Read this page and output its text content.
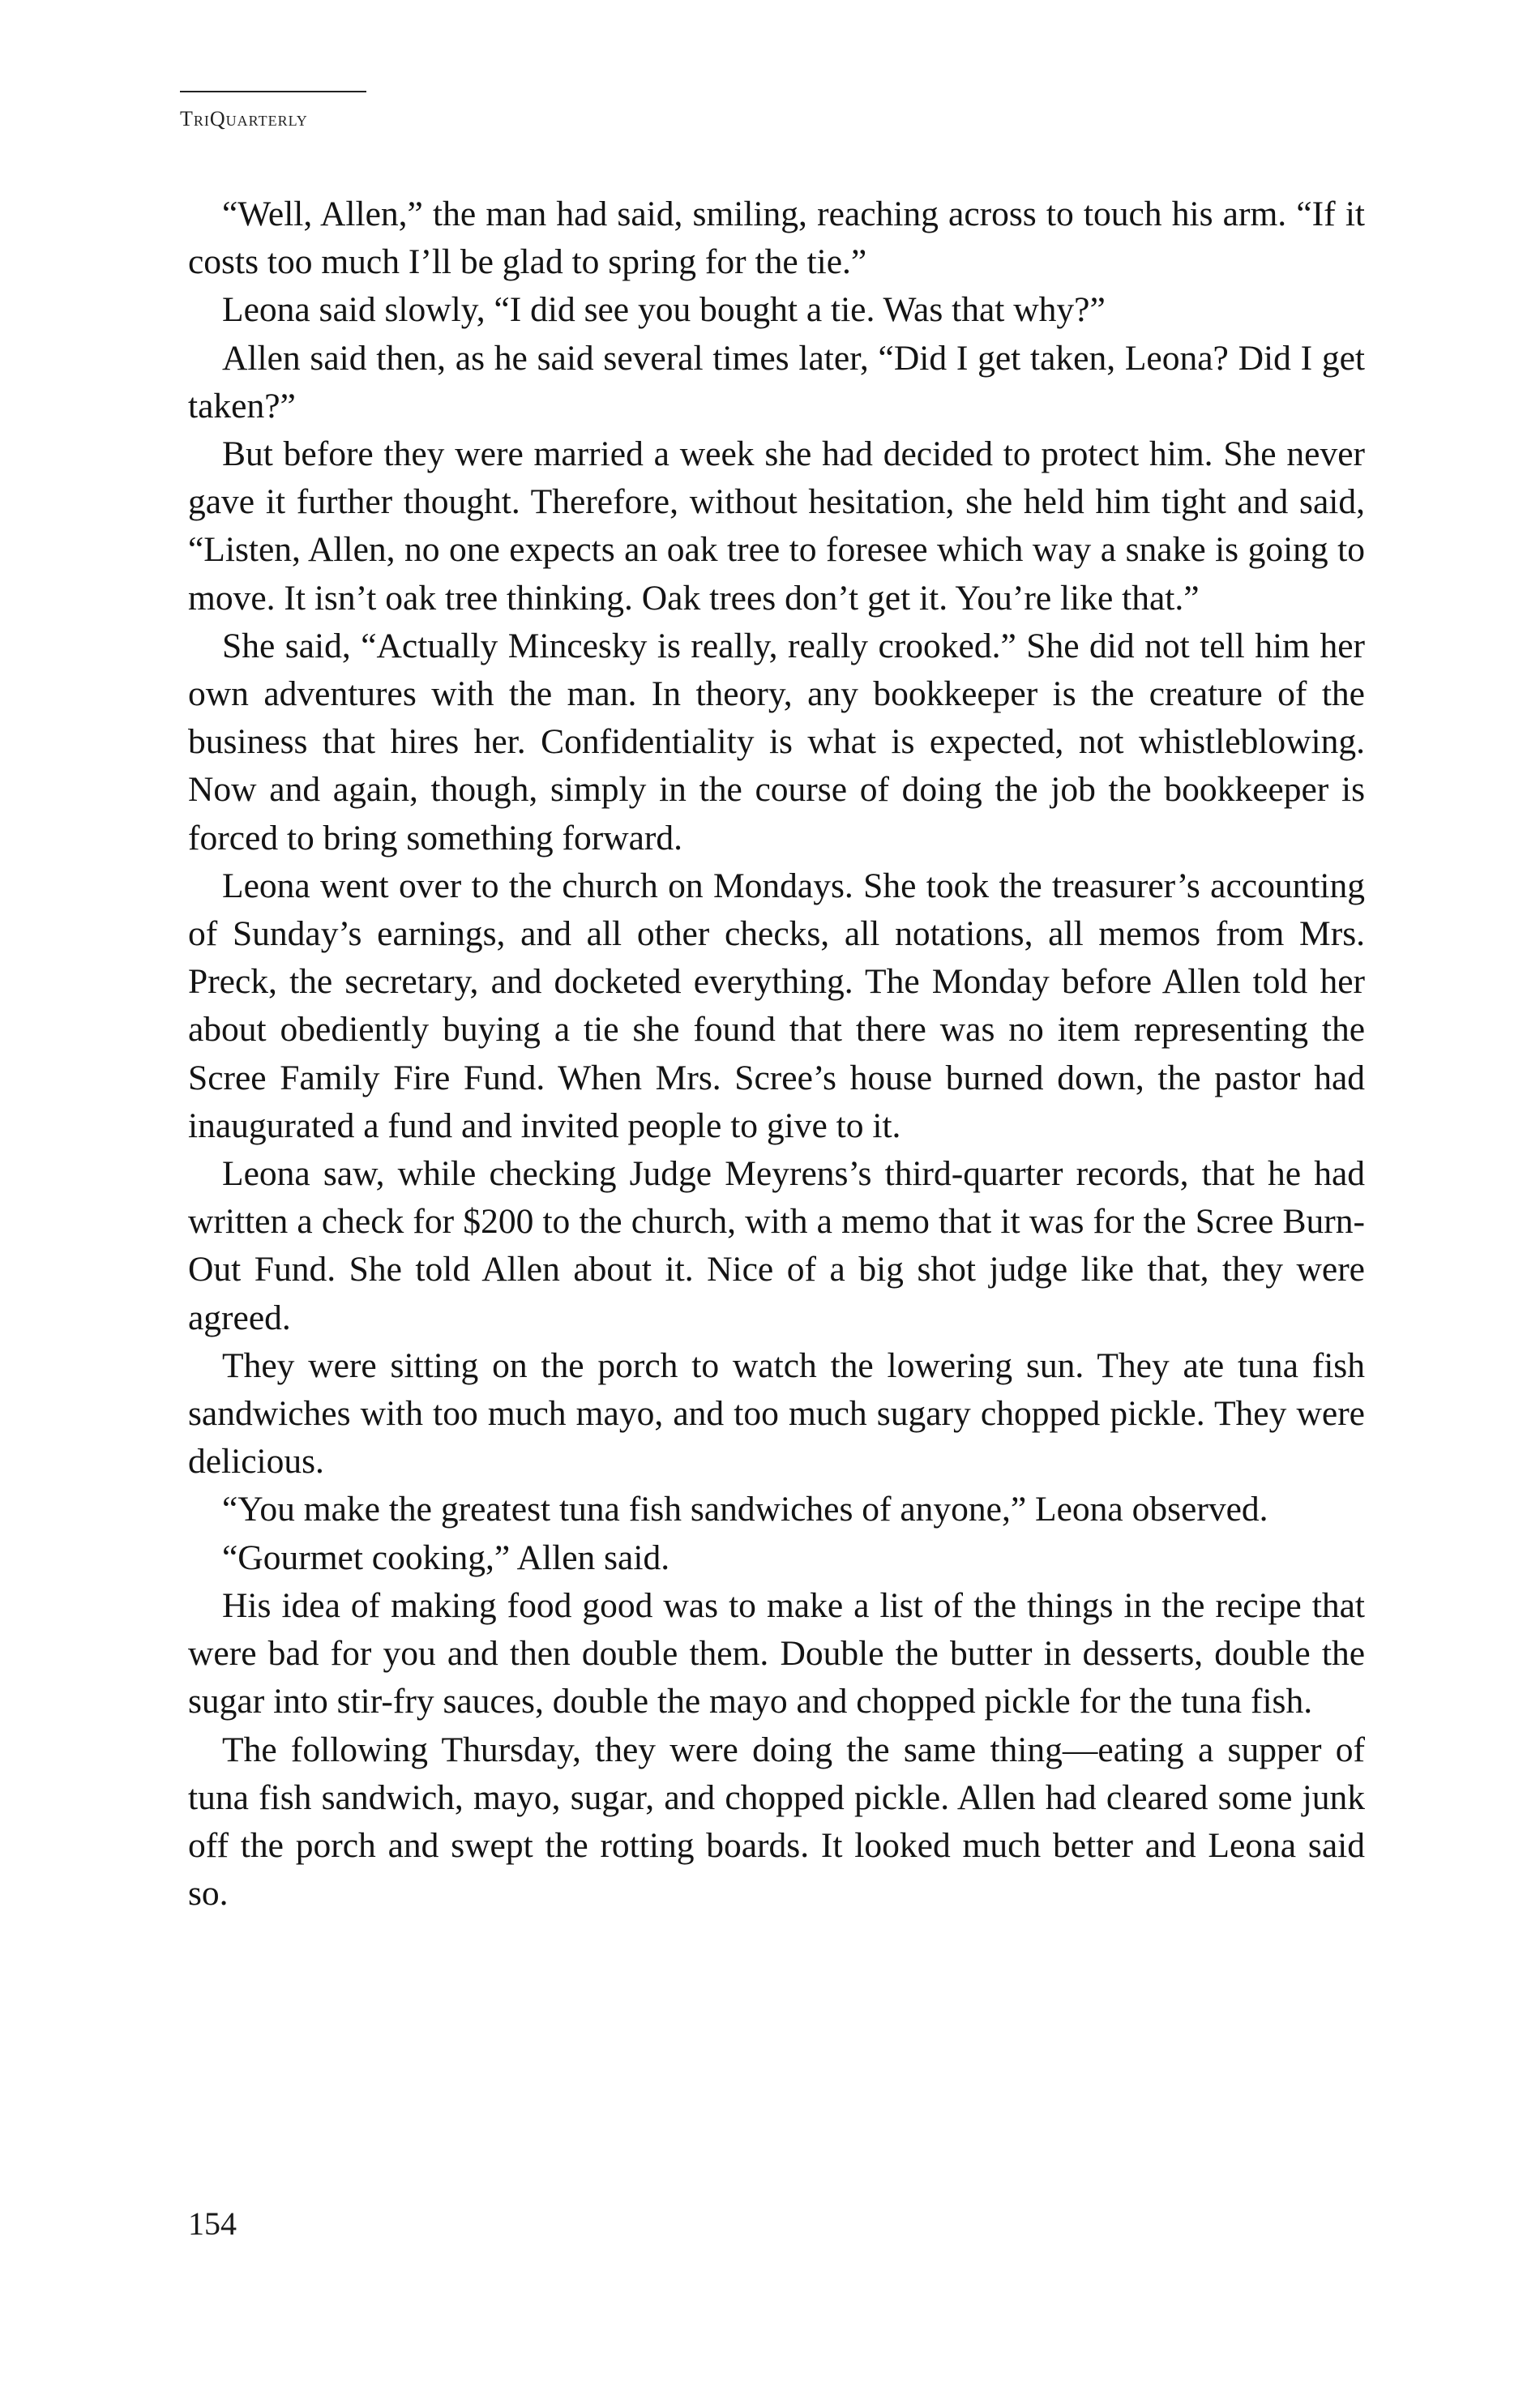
TriQuarterly

“Well, Allen,” the man had said, smiling, reaching across to touch his arm. “If it costs too much I’ll be glad to spring for the tie.”

Leona said slowly, “I did see you bought a tie. Was that why?”

Allen said then, as he said several times later, “Did I get taken, Leona? Did I get taken?”

But before they were married a week she had decided to protect him. She never gave it further thought. Therefore, without hesitation, she held him tight and said, “Listen, Allen, no one expects an oak tree to foresee which way a snake is going to move. It isn’t oak tree thinking. Oak trees don’t get it. You’re like that.”

She said, “Actually Mincesky is really, really crooked.” She did not tell him her own adventures with the man. In theory, any bookkeeper is the creature of the business that hires her. Confidentiality is what is expected, not whistleblowing. Now and again, though, simply in the course of doing the job the bookkeeper is forced to bring something forward.

Leona went over to the church on Mondays. She took the treasurer’s accounting of Sunday’s earnings, and all other checks, all notations, all memos from Mrs. Preck, the secretary, and docketed everything. The Monday before Allen told her about obediently buying a tie she found that there was no item representing the Scree Family Fire Fund. When Mrs. Scree’s house burned down, the pastor had inaugurated a fund and invited people to give to it.

Leona saw, while checking Judge Meyrens’s third-quarter records, that he had written a check for $200 to the church, with a memo that it was for the Scree Burn-Out Fund. She told Allen about it. Nice of a big shot judge like that, they were agreed.

They were sitting on the porch to watch the lowering sun. They ate tuna fish sandwiches with too much mayo, and too much sugary chopped pickle. They were delicious.

“You make the greatest tuna fish sandwiches of anyone,” Leona observed.

“Gourmet cooking,” Allen said.

His idea of making food good was to make a list of the things in the recipe that were bad for you and then double them. Double the butter in desserts, double the sugar into stir-fry sauces, double the mayo and chopped pickle for the tuna fish.

The following Thursday, they were doing the same thing—eating a supper of tuna fish sandwich, mayo, sugar, and chopped pickle. Allen had cleared some junk off the porch and swept the rotting boards. It looked much better and Leona said so.

154
